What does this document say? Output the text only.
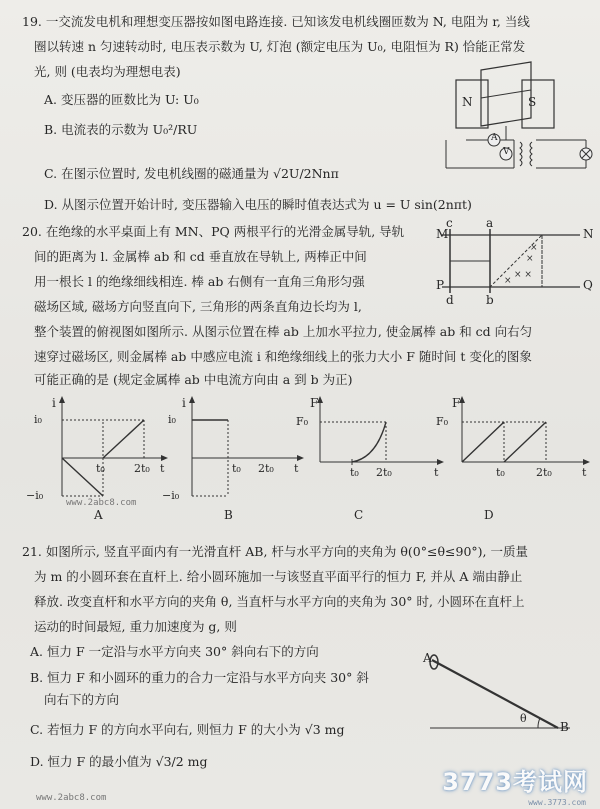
19. 一交流发电机和理想变压器按如图电路连接. 已知该发电机线圈匝数为 N, 电阻为 r, 当线
圈以转速 n 匀速转动时, 电压表示数为 U, 灯泡 (额定电压为 U₀, 电阻恒为 R) 恰能正常发
光, 则 (电表均为理想电表)
A. 变压器的匝数比为 U: U₀
B. 电流表的示数为 U₀²/RU
C. 在图示位置时, 发电机线圈的磁通量为 √2U/2Nnπ
D. 从图示位置开始计时, 变压器输入电压的瞬时值表达式为 u = U sin(2nπt)
N	S
A
V
20. 在绝缘的水平桌面上有 MN、PQ 两根平行的光滑金属导轨, 导轨
间的距离为 l. 金属棒 ab 和 cd 垂直放在导轨上, 两棒正中间
用一根长 l 的绝缘细线相连. 棒 ab 右侧有一直角三角形匀强
磁场区域, 磁场方向竖直向下, 三角形的两条直角边长均为 l,
整个装置的俯视图如图所示. 从图示位置在棒 ab 上加水平拉力, 使金属棒 ab 和 cd 向右匀
速穿过磁场区, 则金属棒 ab 中感应电流 i 和绝缘细线上的张力大小 F 随时间 t 变化的图象
可能正确的是 (规定金属棒 ab 中电流方向由 a 到 b 为正)
× ×
×
×
×
M	N
P	Q
c	a
d	b
i
i₀
−i₀
t₀	2t₀ t
A
i
i₀
−i₀
t₀ 2t₀ t
B
F
F₀
t₀ 2t₀	t
C
F
F₀
t₀	2t₀	t
D
www.2abc8.com
21. 如图所示, 竖直平面内有一光滑直杆 AB, 杆与水平方向的夹角为 θ(0°≤θ≤90°), 一质量
为 m 的小圆环套在直杆上. 给小圆环施加一与该竖直平面平行的恒力 F, 并从 A 端由静止
释放. 改变直杆和水平方向的夹角 θ, 当直杆与水平方向的夹角为 30° 时, 小圆环在直杆上
运动的时间最短, 重力加速度为 g, 则
A. 恒力 F 一定沿与水平方向夹 30° 斜向右下的方向
B. 恒力 F 和小圆环的重力的合力一定沿与水平方向夹 30° 斜
向右下的方向
C. 若恒力 F 的方向水平向右, 则恒力 F 的大小为 √3 mg
D. 恒力 F 的最小值为 √3/2 mg
A
B
θ
www.2abc8.com
3773考试网
www.3773.com
